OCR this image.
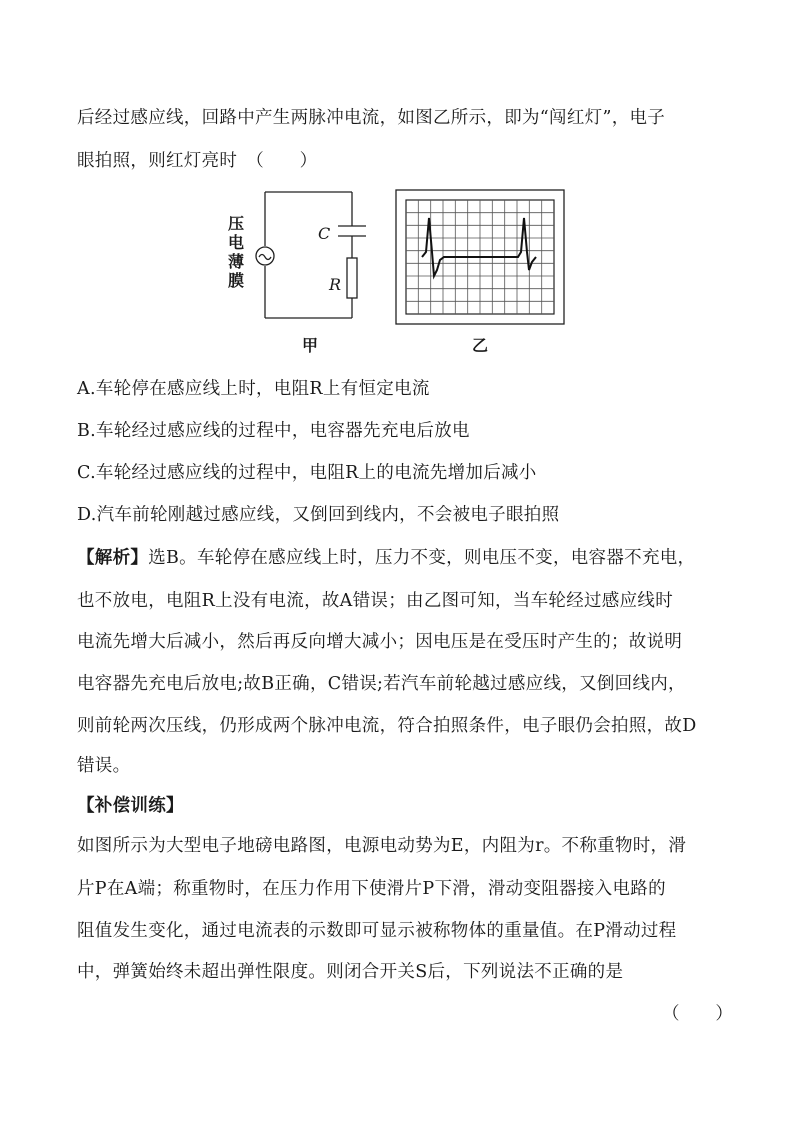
后经过感应线，回路中产生两脉冲电流，如图乙所示，即为“闯红灯”，电子
眼拍照，则红灯亮时　（　　）
压
电
薄
膜
C
R
甲	乙
A.车轮停在感应线上时，电阻R上有恒定电流
B.车轮经过感应线的过程中，电容器先充电后放电
C.车轮经过感应线的过程中，电阻R上的电流先增加后减小
D.汽车前轮刚越过感应线，又倒回到线内，不会被电子眼拍照
【解析】选B。车轮停在感应线上时，压力不变，则电压不变，电容器不充电，
也不放电，电阻R上没有电流，故A错误；由乙图可知，当车轮经过感应线时
电流先增大后减小，然后再反向增大减小；因电压是在受压时产生的；故说明
电容器先充电后放电;故B正确，C错误;若汽车前轮越过感应线，又倒回线内，
则前轮两次压线，仍形成两个脉冲电流，符合拍照条件，电子眼仍会拍照，故D
错误。
【补偿训练】
如图所示为大型电子地磅电路图，电源电动势为E，内阻为r。不称重物时，滑
片P在A端；称重物时，在压力作用下使滑片P下滑，滑动变阻器接入电路的
阻值发生变化，通过电流表的示数即可显示被称物体的重量值。在P滑动过程
中，弹簧始终未超出弹性限度。则闭合开关S后，下列说法不正确的是
（　　）
